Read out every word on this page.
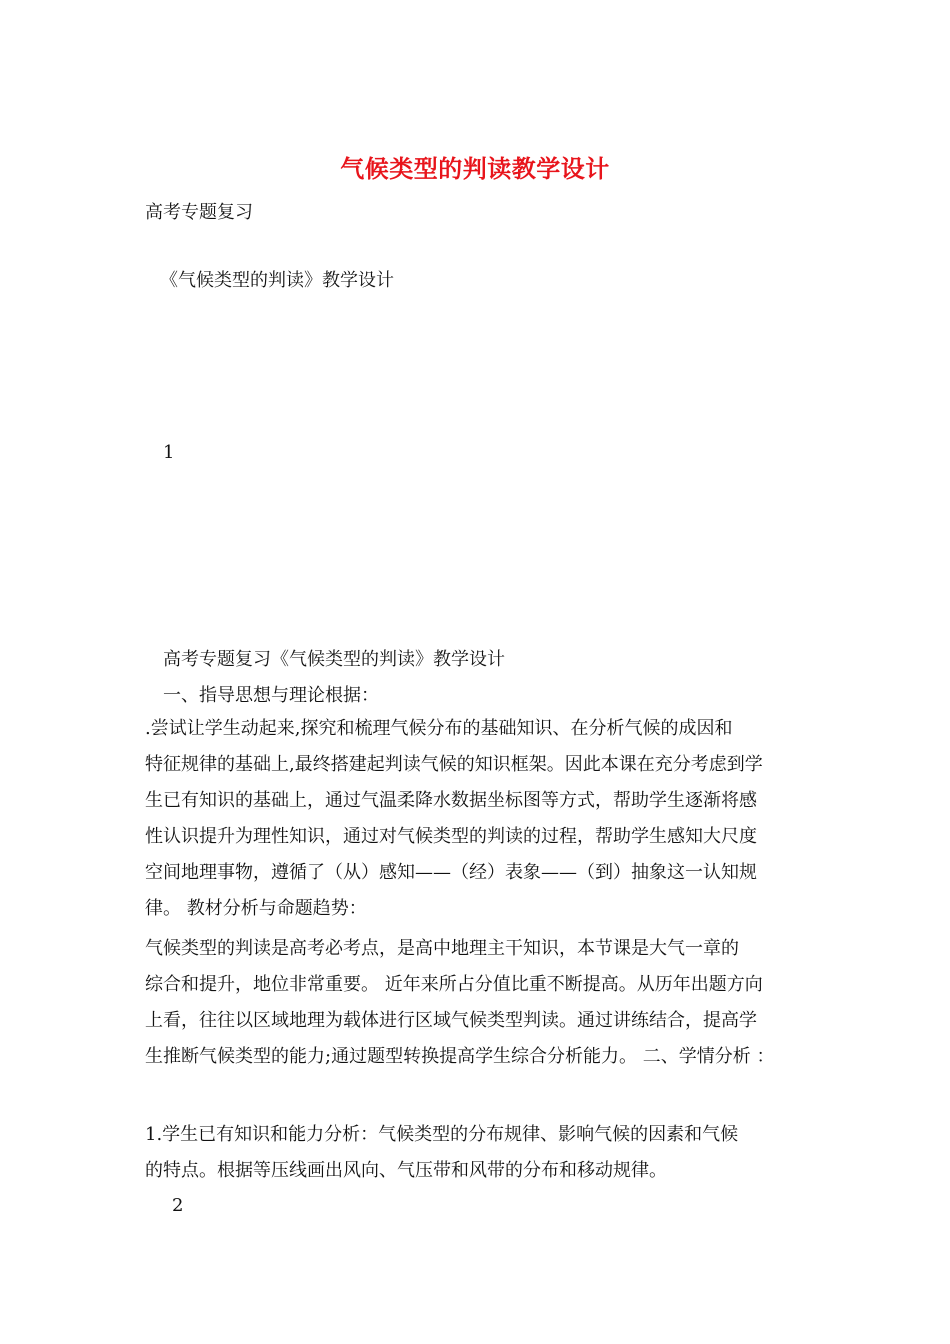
气候类型的判读教学设计
高考专题复习
《气候类型的判读》教学设计
1
高考专题复习《气候类型的判读》教学设计
一、指导思想与理论根据：
.尝试让学生动起来,探究和梳理气候分布的基础知识、在分析气候的成因和
特征规律的基础上,最终搭建起判读气候的知识框架。因此本课在充分考虑到学
生已有知识的基础上，通过气温柔降水数据坐标图等方式，帮助学生逐渐将感
性认识提升为理性知识，通过对气候类型的判读的过程，帮助学生感知大尺度
空间地理事物，遵循了（从）感知——（经）表象——（到）抽象这一认知规
律。 教材分析与命题趋势：
气候类型的判读是高考必考点，是高中地理主干知识，本节课是大气一章的
综合和提升，地位非常重要。 近年来所占分值比重不断提高。从历年出题方向
上看，往往以区域地理为载体进行区域气候类型判读。通过讲练结合，提高学
生推断气候类型的能力;通过题型转换提高学生综合分析能力。 二、学情分析 ：
1.学生已有知识和能力分析：气候类型的分布规律、影响气候的因素和气候
的特点。根据等压线画出风向、气压带和风带的分布和移动规律。
2
